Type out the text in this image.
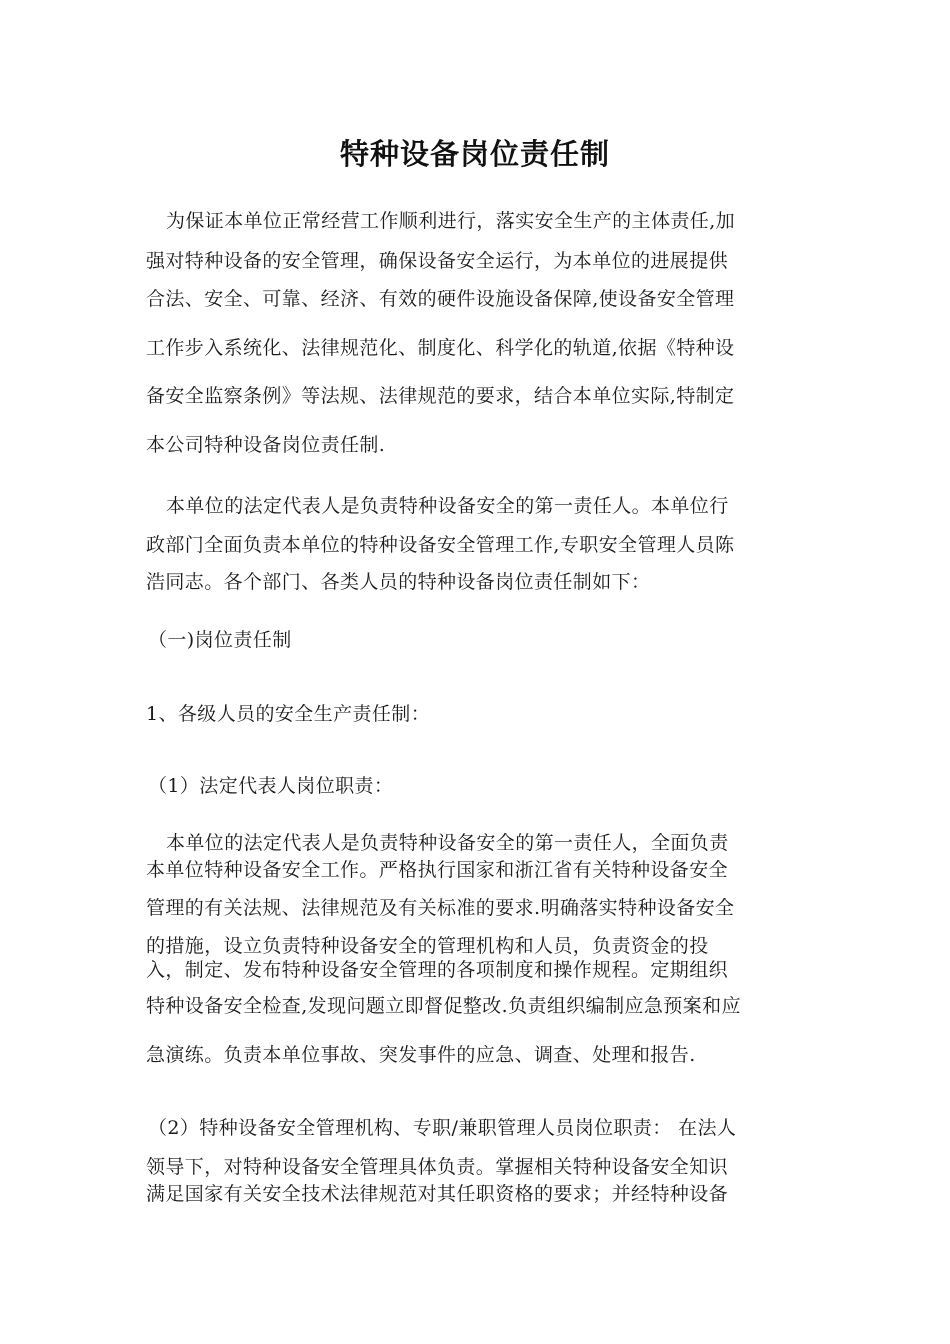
特种设备岗位责任制
为保证本单位正常经营工作顺利进行，落实安全生产的主体责任,加
强对特种设备的安全管理，确保设备安全运行，为本单位的进展提供
合法、安全、可靠、经济、有效的硬件设施设备保障,使设备安全管理
工作步入系统化、法律规范化、制度化、科学化的轨道,依据《特种设
备安全监察条例》等法规、法律规范的要求，结合本单位实际,特制定
本公司特种设备岗位责任制.
本单位的法定代表人是负责特种设备安全的第一责任人。本单位行
政部门全面负责本单位的特种设备安全管理工作,专职安全管理人员陈
浩同志。各个部门、各类人员的特种设备岗位责任制如下：
（一)岗位责任制
1、各级人员的安全生产责任制：
（1）法定代表人岗位职责：
本单位的法定代表人是负责特种设备安全的第一责任人，全面负责
本单位特种设备安全工作。严格执行国家和浙江省有关特种设备安全
管理的有关法规、法律规范及有关标准的要求.明确落实特种设备安全
的措施，设立负责特种设备安全的管理机构和人员，负责资金的投
入，制定、发布特种设备安全管理的各项制度和操作规程。定期组织
特种设备安全检查,发现问题立即督促整改.负责组织编制应急预案和应
急演练。负责本单位事故、突发事件的应急、调查、处理和报告.
（2）特种设备安全管理机构、专职/兼职管理人员岗位职责： 在法人
领导下，对特种设备安全管理具体负责。掌握相关特种设备安全知识
满足国家有关安全技术法律规范对其任职资格的要求；并经特种设备
